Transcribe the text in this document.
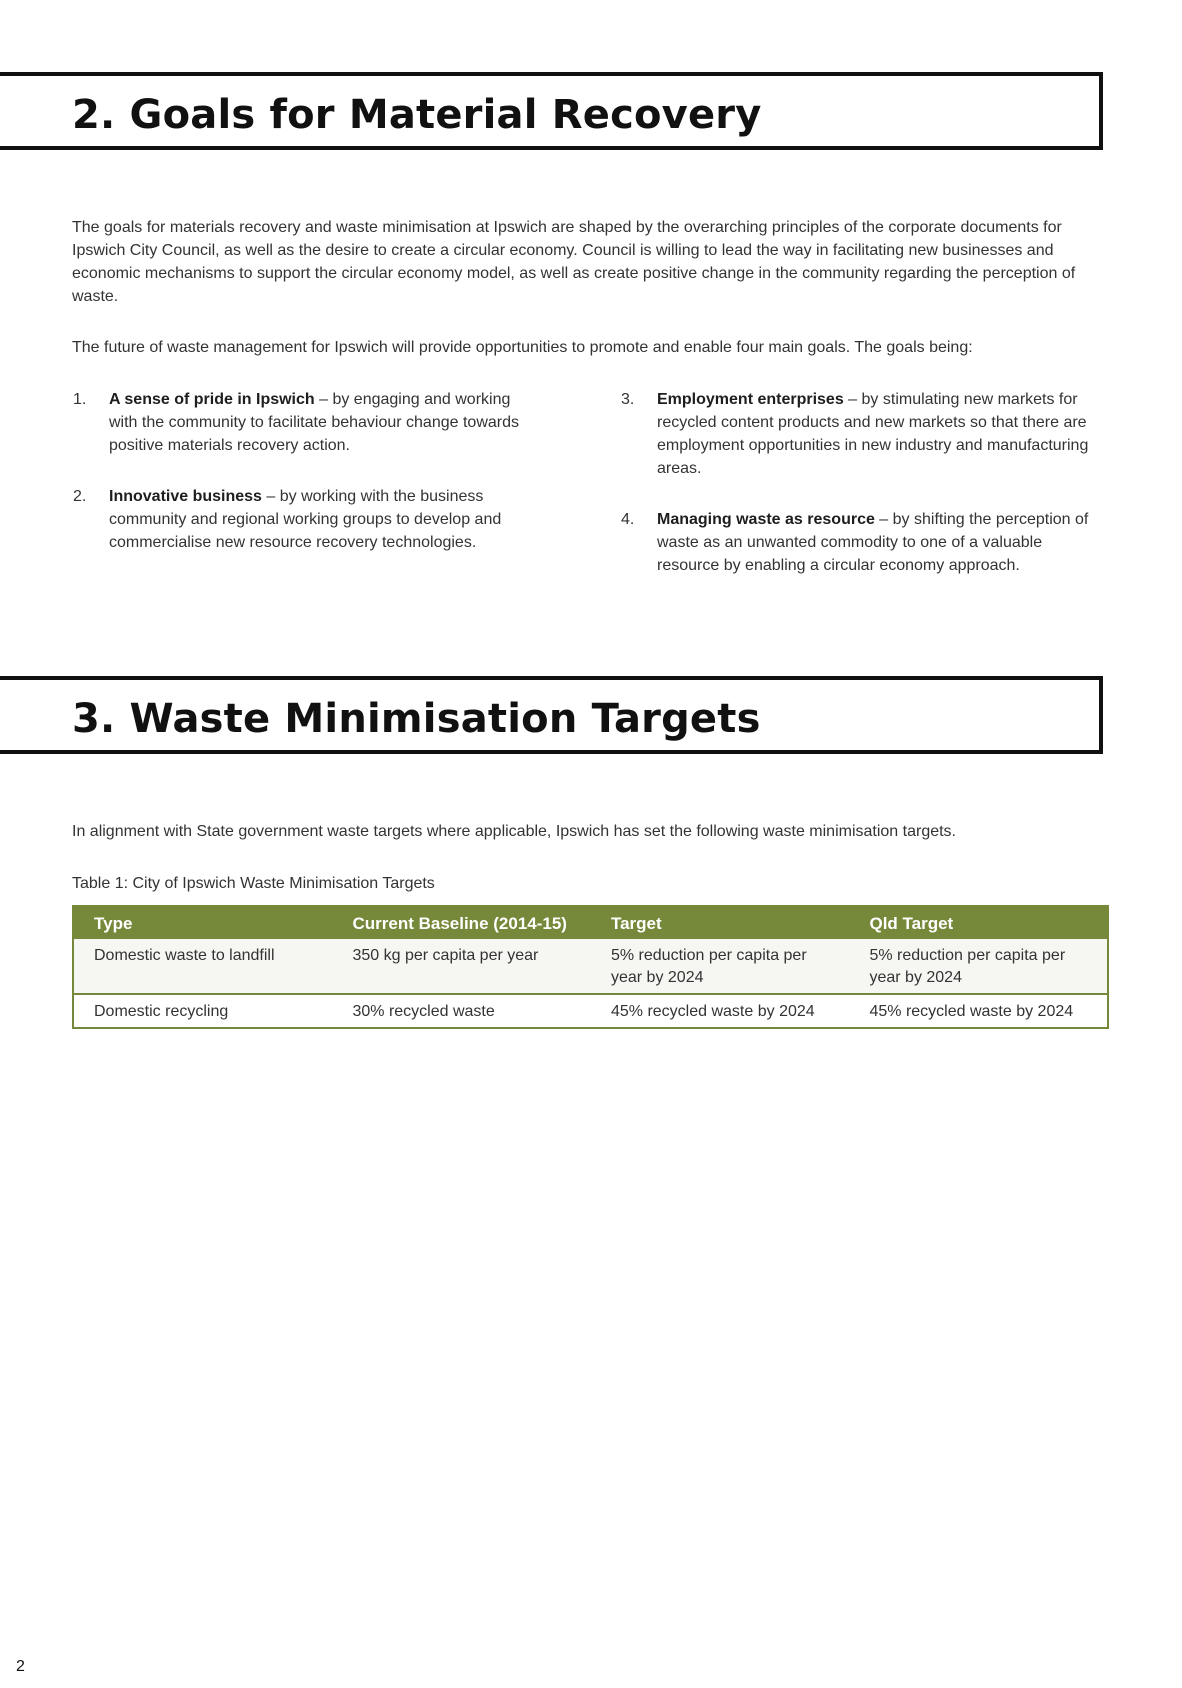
2. Goals for Material Recovery

The goals for materials recovery and waste minimisation at Ipswich are shaped by the overarching principles of the corporate documents for Ipswich City Council, as well as the desire to create a circular economy. Council is willing to lead the way in facilitating new businesses and economic mechanisms to support the circular economy model, as well as create positive change in the community regarding the perception of waste.

The future of waste management for Ipswich will provide opportunities to promote and enable four main goals. The goals being:

1.	A sense of pride in Ipswich – by engaging and working with the community to facilitate behaviour change towards positive materials recovery action.
2.	Innovative business – by working with the business community and regional working groups to develop and commercialise new resource recovery technologies.
3.	Employment enterprises – by stimulating new markets for recycled content products and new markets so that there are employment opportunities in new industry and manufacturing areas.
4.	Managing waste as resource – by shifting the perception of waste as an unwanted commodity to one of a valuable resource by enabling a circular economy approach.
3. Waste Minimisation Targets

In alignment with State government waste targets where applicable, Ipswich has set the following waste minimisation targets.

Table 1: City of Ipswich Waste Minimisation Targets

Type	Current Baseline (2014-15)	Target	Qld Target
Domestic waste to landfill	350 kg per capita per year	5% reduction per capita per year by 2024	5% reduction per capita per year by 2024
Domestic recycling	30% recycled waste	45% recycled waste by 2024	45% recycled waste by 2024
2
